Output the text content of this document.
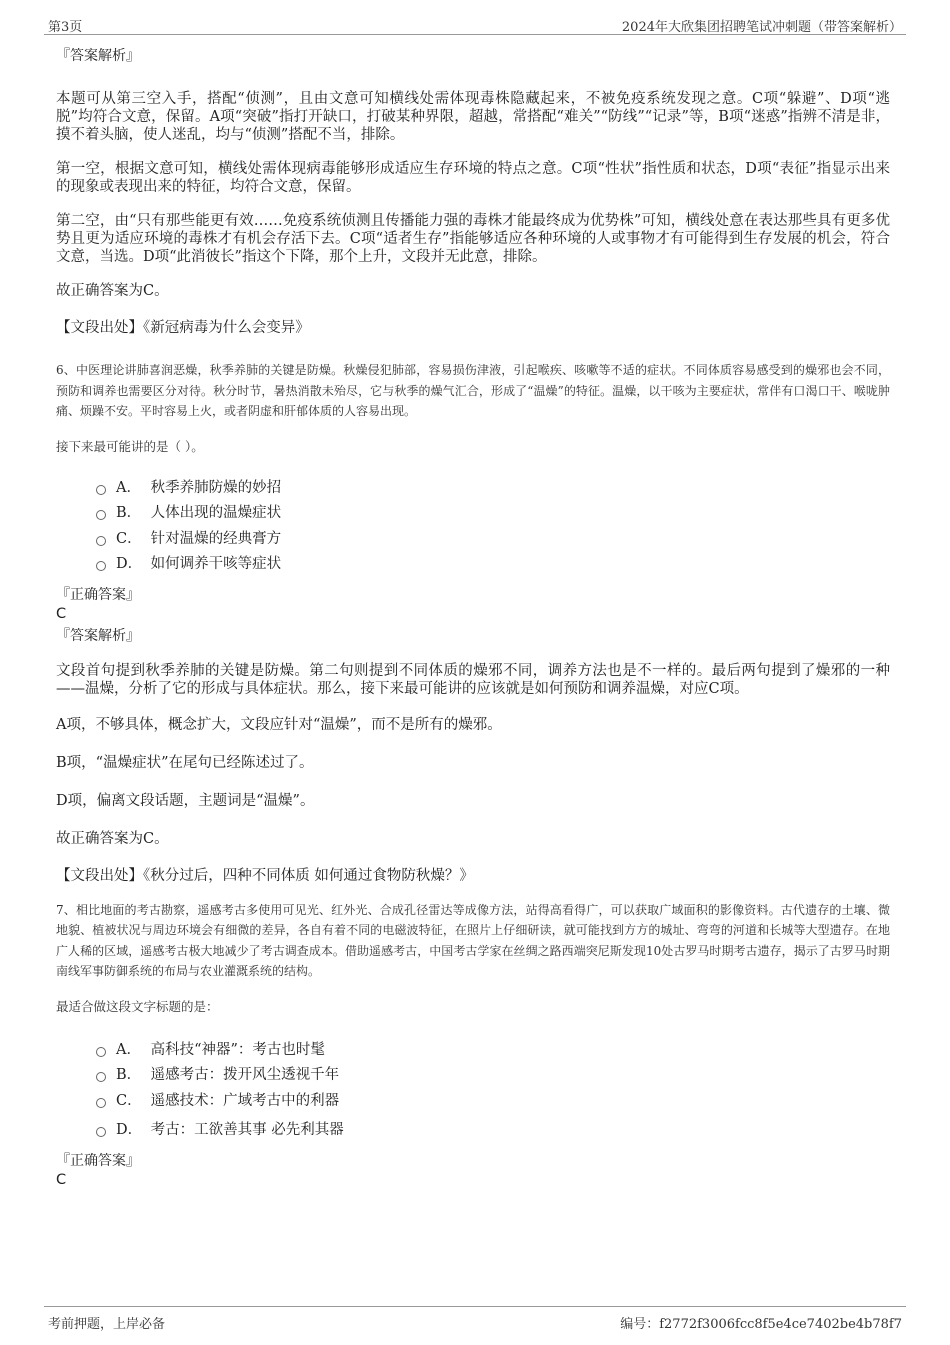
第3页	2024年大欣集团招聘笔试冲刺题（带答案解析）

『答案解析』

本题可从第三空入手，搭配“侦测”，且由文意可知横线处需体现毒株隐藏起来，不被免疫系统发现之意。C项“躲避”、D项“逃脱”均符合文意，保留。A项“突破”指打开缺口，打破某种界限，超越，常搭配“难关”“防线”“记录”等，B项“迷惑”指辨不清是非，摸不着头脑，使人迷乱，均与“侦测”搭配不当，排除。

第一空，根据文意可知，横线处需体现病毒能够形成适应生存环境的特点之意。C项“性状”指性质和状态，D项“表征”指显示出来的现象或表现出来的特征，均符合文意，保留。

第二空，由“只有那些能更有效……免疫系统侦测且传播能力强的毒株才能最终成为优势株”可知，横线处意在表达那些具有更多优势且更为适应环境的毒株才有机会存活下去。C项“适者生存”指能够适应各种环境的人或事物才有可能得到生存发展的机会，符合文意，当选。D项“此消彼长”指这个下降，那个上升，文段并无此意，排除。

故正确答案为C。

【文段出处】《新冠病毒为什么会变异》

6、中医理论讲肺喜润恶燥，秋季养肺的关键是防燥。秋燥侵犯肺部，容易损伤津液，引起喉疾、咳嗽等不适的症状。不同体质容易感受到的燥邪也会不同，预防和调养也需要区分对待。秋分时节，暑热消散未殆尽，它与秋季的燥气汇合，形成了“温燥”的特征。温燥，以干咳为主要症状，常伴有口渴口干、喉咙肿痛、烦躁不安。平时容易上火，或者阴虚和肝郁体质的人容易出现。

接下来最可能讲的是（ ）。

A． 秋季养肺防燥的妙招
B． 人体出现的温燥症状
C． 针对温燥的经典膏方
D． 如何调养干咳等症状

『正确答案』

C

『答案解析』

文段首句提到秋季养肺的关键是防燥。第二句则提到不同体质的燥邪不同，调养方法也是不一样的。最后两句提到了燥邪的一种——温燥，分析了它的形成与具体症状。那么，接下来最可能讲的应该就是如何预防和调养温燥，对应C项。

A项，不够具体，概念扩大，文段应针对“温燥”，而不是所有的燥邪。

B项，“温燥症状”在尾句已经陈述过了。

D项，偏离文段话题，主题词是“温燥”。

故正确答案为C。

【文段出处】《秋分过后，四种不同体质 如何通过食物防秋燥？》

7、相比地面的考古勘察，遥感考古多使用可见光、红外光、合成孔径雷达等成像方法，站得高看得广，可以获取广域面积的影像资料。古代遗存的土壤、微地貌、植被状况与周边环境会有细微的差异，各自有着不同的电磁波特征，在照片上仔细研读，就可能找到方方的城址、弯弯的河道和长城等大型遗存。在地广人稀的区域，遥感考古极大地减少了考古调查成本。借助遥感考古，中国考古学家在丝绸之路西端突尼斯发现10处古罗马时期考古遗存，揭示了古罗马时期南线军事防御系统的布局与农业灌溉系统的结构。

最适合做这段文字标题的是：

A． 高科技“神器”：考古也时髦
B． 遥感考古：拨开风尘透视千年
C． 遥感技术：广域考古中的利器
D． 考古：工欲善其事 必先利其器

『正确答案』

C

考前押题，上岸必备	编号：f2772f3006fcc8f5e4ce7402be4b78f7
